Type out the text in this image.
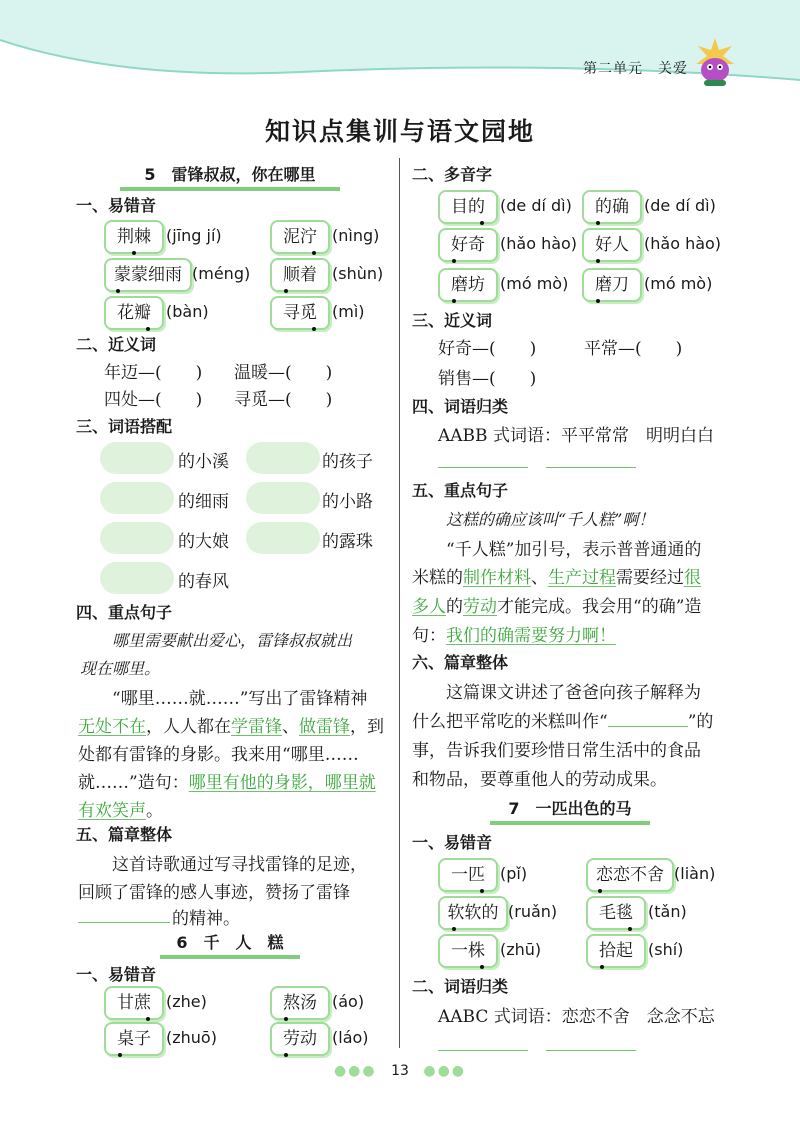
第二单元　关爱
知识点集训与语文园地
5　雷锋叔叔，你在哪里
一、易错音
荆棘 (jīng jí)	泥泞 (nìng)
蒙蒙细雨 (méng)	顺着 (shùn)
花瓣 (bàn)	寻觅 (mì)
二、近义词
年迈—(　　) 温暖—(　　)
四处—(　　) 寻觅—(　　)
三、词语搭配
的小溪	的孩子
的细雨	的小路
的大娘	的露珠
的春风
四、重点句子
哪里需要献出爱心，雷锋叔叔就出
现在哪里。
“哪里……就……”写出了雷锋精神
无处不在，人人都在学雷锋、做雷锋，到
处都有雷锋的身影。我来用“哪里……
就……”造句：哪里有他的身影，哪里就
有欢笑声。
五、篇章整体
这首诗歌通过写寻找雷锋的足迹，
回顾了雷锋的感人事迹，赞扬了雷锋
的精神。
6　千　人　糕
一、易错音
甘蔗 (zhe)	熬汤 (áo)
桌子 (zhuō)	劳动 (láo)
二、多音字
目的 (de dí dì)	的确 (de dí dì)
好奇 (hǎo hào)	好人 (hǎo hào)
磨坊 (mó mò)	磨刀 (mó mò)
三、近义词
好奇—(　　)	平常—(　　)
销售—(　　)
四、词语归类
AABB 式词语：平平常常　明明白白
五、重点句子
这糕的确应该叫“千人糕”啊！
“千人糕”加引号，表示普普通通的
米糕的制作材料、生产过程需要经过很
多人的劳动才能完成。我会用“的确”造
句：我们的确需要努力啊！
六、篇章整体
这篇课文讲述了爸爸向孩子解释为
什么把平常吃的米糕叫作“	”的
事，告诉我们要珍惜日常生活中的食品
和物品，要尊重他人的劳动成果。
7　一匹出色的马
一、易错音
一匹 (pǐ)	恋恋不舍 (liàn)
软软的 (ruǎn)	毛毯 (tǎn)
一株 (zhū)	拾起 (shí)
二、词语归类
AABC 式词语：恋恋不舍　念念不忘
●●● 13 ●●●
